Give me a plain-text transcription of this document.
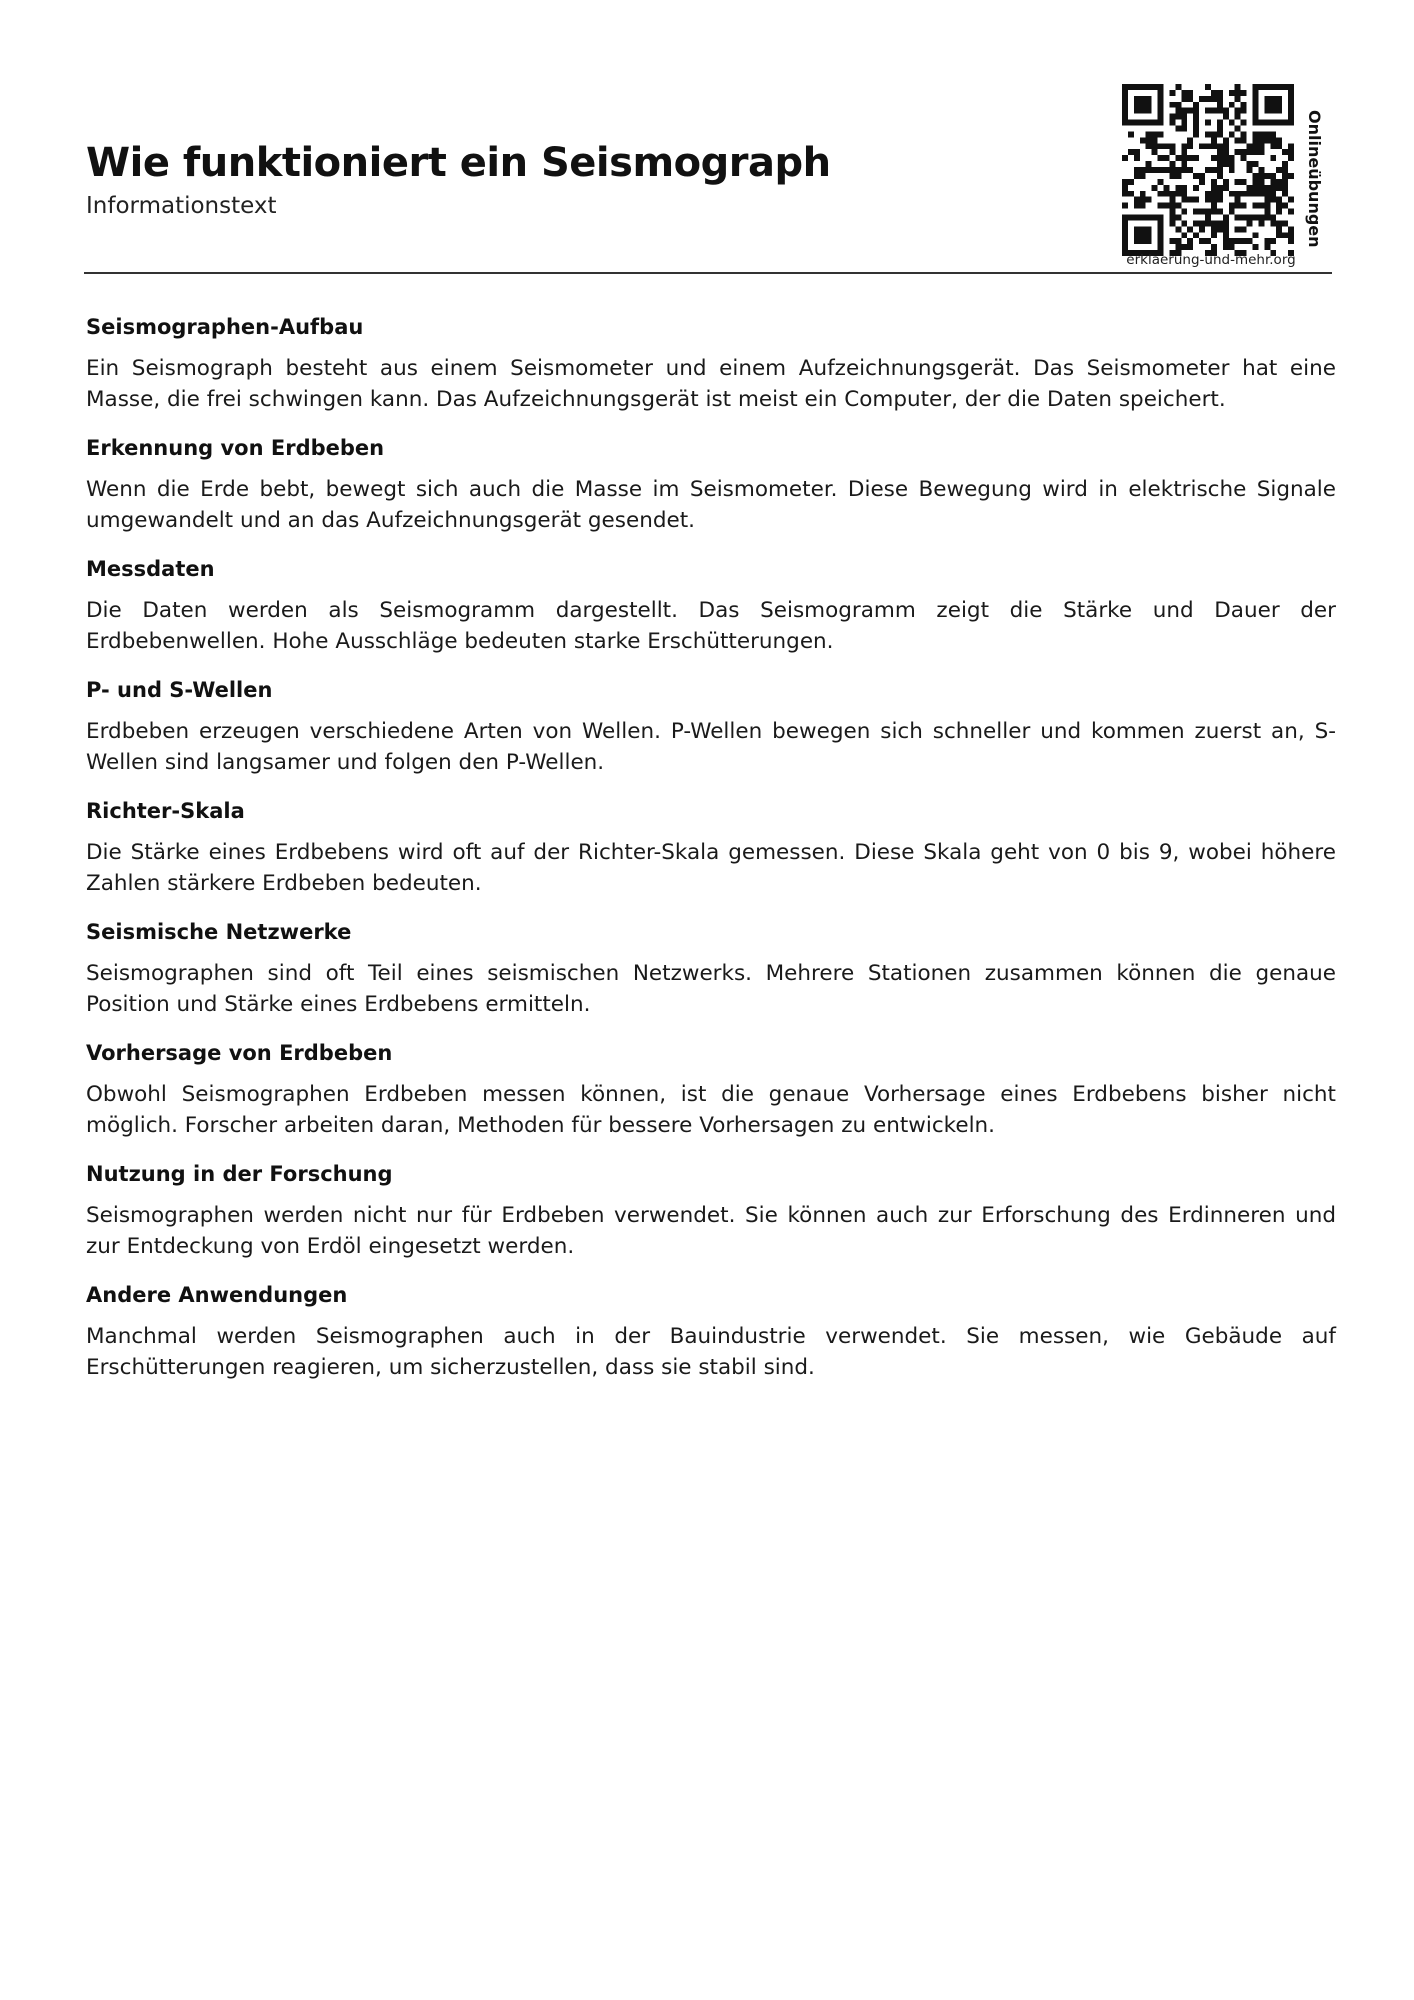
Wie funktioniert ein Seismograph

Informationstext

erklaerung-und-mehr.org
Onlineübungen
Seismographen-Aufbau

Ein Seismograph besteht aus einem Seismometer und einem Aufzeichnungsgerät. Das Seismometer hat eine Masse, die frei schwingen kann. Das Aufzeichnungsgerät ist meist ein Computer, der die Daten speichert.

Erkennung von Erdbeben

Wenn die Erde bebt, bewegt sich auch die Masse im Seismometer. Diese Bewegung wird in elektrische Signale umgewandelt und an das Aufzeichnungsgerät gesendet.

Messdaten

Die Daten werden als Seismogramm dargestellt. Das Seismogramm zeigt die Stärke und Dauer der Erdbebenwellen. Hohe Ausschläge bedeuten starke Erschütterungen.

P- und S-Wellen

Erdbeben erzeugen verschiedene Arten von Wellen. P-Wellen bewegen sich schneller und kommen zuerst an, S-Wellen sind langsamer und folgen den P-Wellen.

Richter-Skala

Die Stärke eines Erdbebens wird oft auf der Richter-Skala gemessen. Diese Skala geht von 0 bis 9, wobei höhere Zahlen stärkere Erdbeben bedeuten.

Seismische Netzwerke

Seismographen sind oft Teil eines seismischen Netzwerks. Mehrere Stationen zusammen können die genaue Position und Stärke eines Erdbebens ermitteln.

Vorhersage von Erdbeben

Obwohl Seismographen Erdbeben messen können, ist die genaue Vorhersage eines Erdbebens bisher nicht möglich. Forscher arbeiten daran, Methoden für bessere Vorhersagen zu entwickeln.

Nutzung in der Forschung

Seismographen werden nicht nur für Erdbeben verwendet. Sie können auch zur Erforschung des Erdinneren und zur Entdeckung von Erdöl eingesetzt werden.

Andere Anwendungen

Manchmal werden Seismographen auch in der Bauindustrie verwendet. Sie messen, wie Gebäude auf Erschütterungen reagieren, um sicherzustellen, dass sie stabil sind.
